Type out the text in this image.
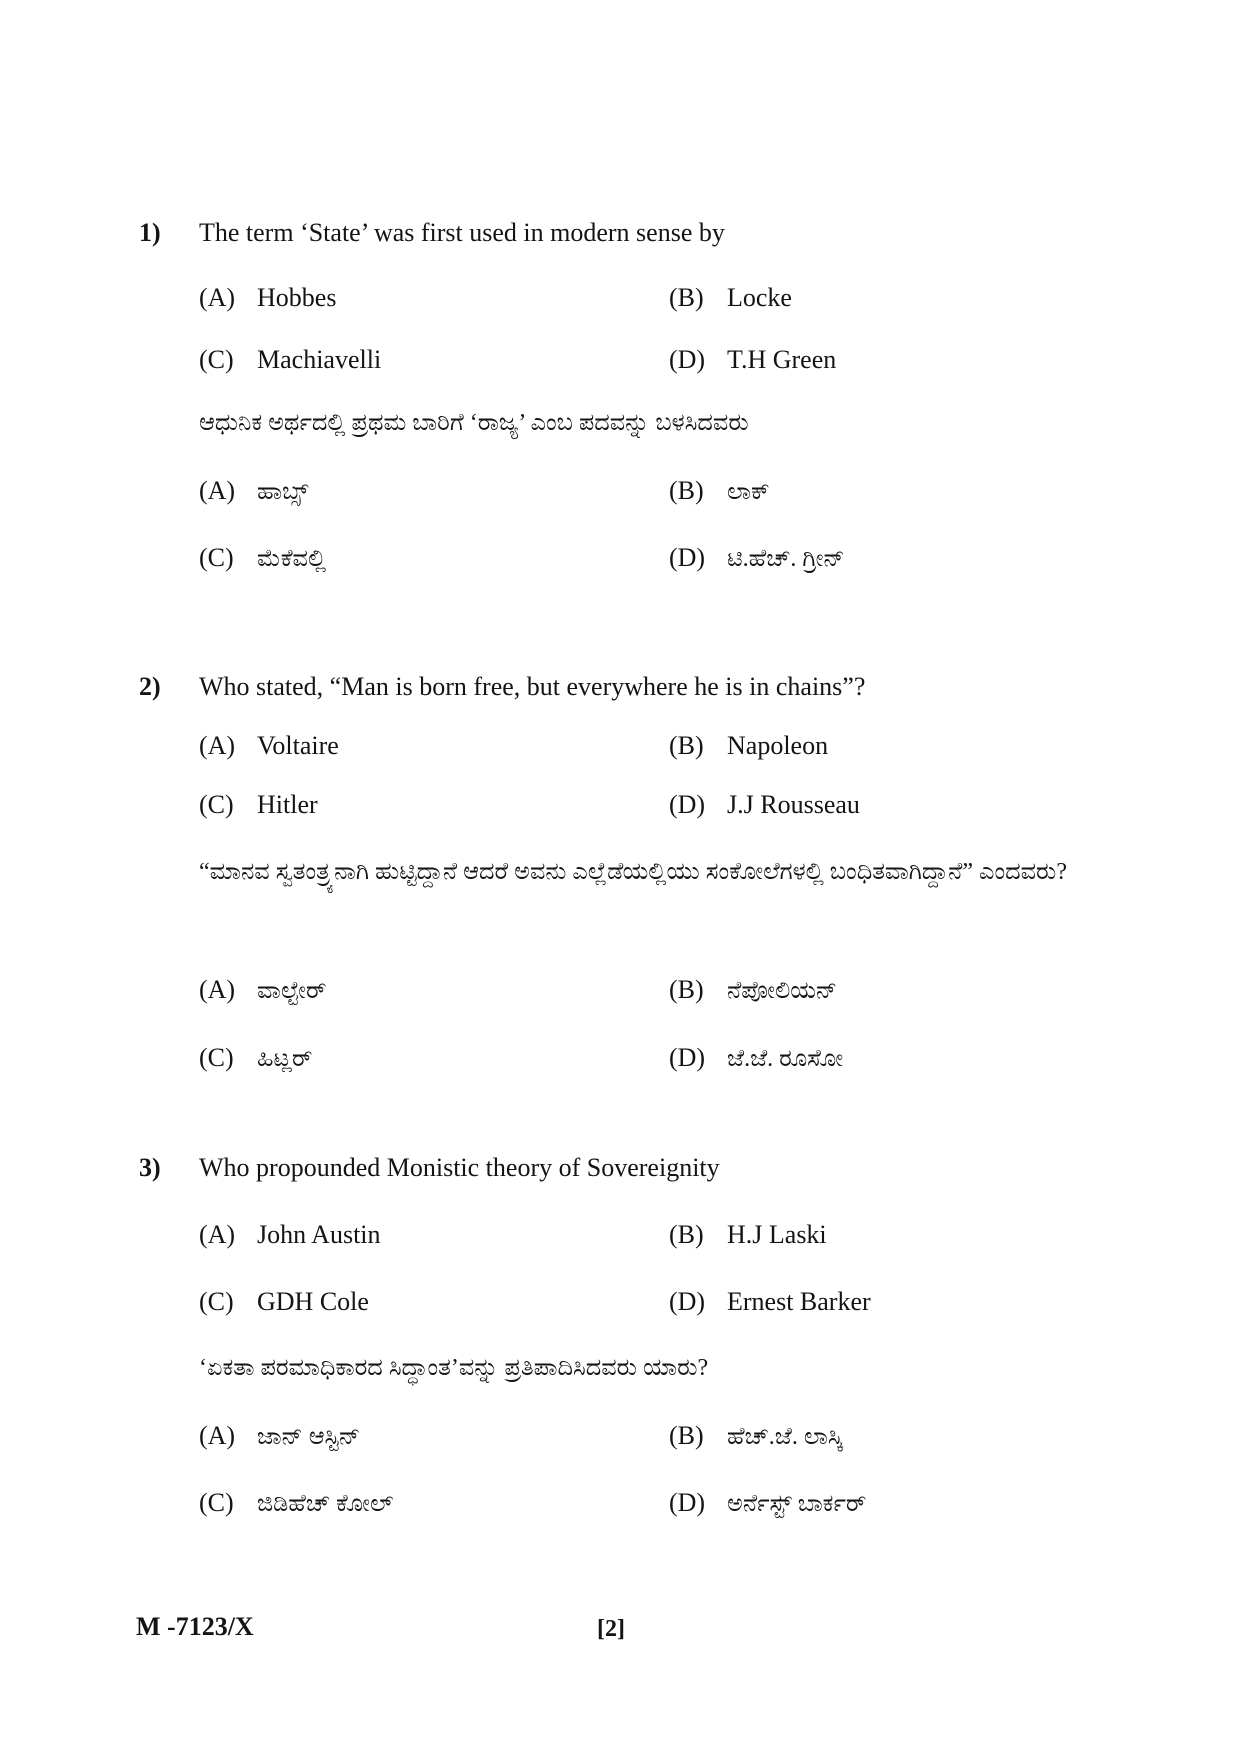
1) The term ‘State’ was first used in modern sense by
(A) Hobbes	(B) Locke
(C) Machiavelli	(D) T.H Green
ಆಧುನಿಕ ಅರ್ಥದಲ್ಲಿ ಪ್ರಥಮ ಬಾರಿಗೆ ‘ರಾಜ್ಯ’ ಎಂಬ ಪದವನ್ನು ಬಳಸಿದವರು
(A) ಹಾಬ್ಸ್	(B) ಲಾಕ್
(C) ಮೆಕೆವಲ್ಲಿ	(D) ಟಿ.ಹೆಚ್. ಗ್ರೀನ್
2) Who stated, “Man is born free, but everywhere he is in chains”?
(A) Voltaire	(B) Napoleon
(C) Hitler	(D) J.J Rousseau
“ಮಾನವ ಸ್ವತಂತ್ರ್ಯನಾಗಿ ಹುಟ್ಟಿದ್ದಾನೆ ಆದರೆ ಅವನು ಎಲ್ಲೆಡೆಯಲ್ಲಿಯು ಸಂಕೋಲೆಗಳಲ್ಲಿ ಬಂಧಿತವಾಗಿದ್ದಾನೆ” ಎಂದವರು?
(A) ವಾಲ್ಟೇರ್	(B) ನೆಪೋಲಿಯನ್
(C) ಹಿಟ್ಲರ್	(D) ಜೆ.ಜೆ. ರೂಸೋ
3) Who propounded Monistic theory of Sovereignity
(A) John Austin	(B) H.J Laski
(C) GDH Cole	(D) Ernest Barker
‘ಏಕತಾ ಪರಮಾಧಿಕಾರದ ಸಿದ್ಧಾಂತ’ವನ್ನು ಪ್ರತಿಪಾದಿಸಿದವರು ಯಾರು?
(A) ಜಾನ್ ಆಸ್ಟಿನ್	(B) ಹೆಚ್.ಜೆ. ಲಾಸ್ಕಿ
(C) ಜಿಡಿಹೆಚ್ ಕೋಲ್	(D) ಅರ್ನೆಸ್ಟ್ ಬಾರ್ಕರ್
M -7123/X	[2]
